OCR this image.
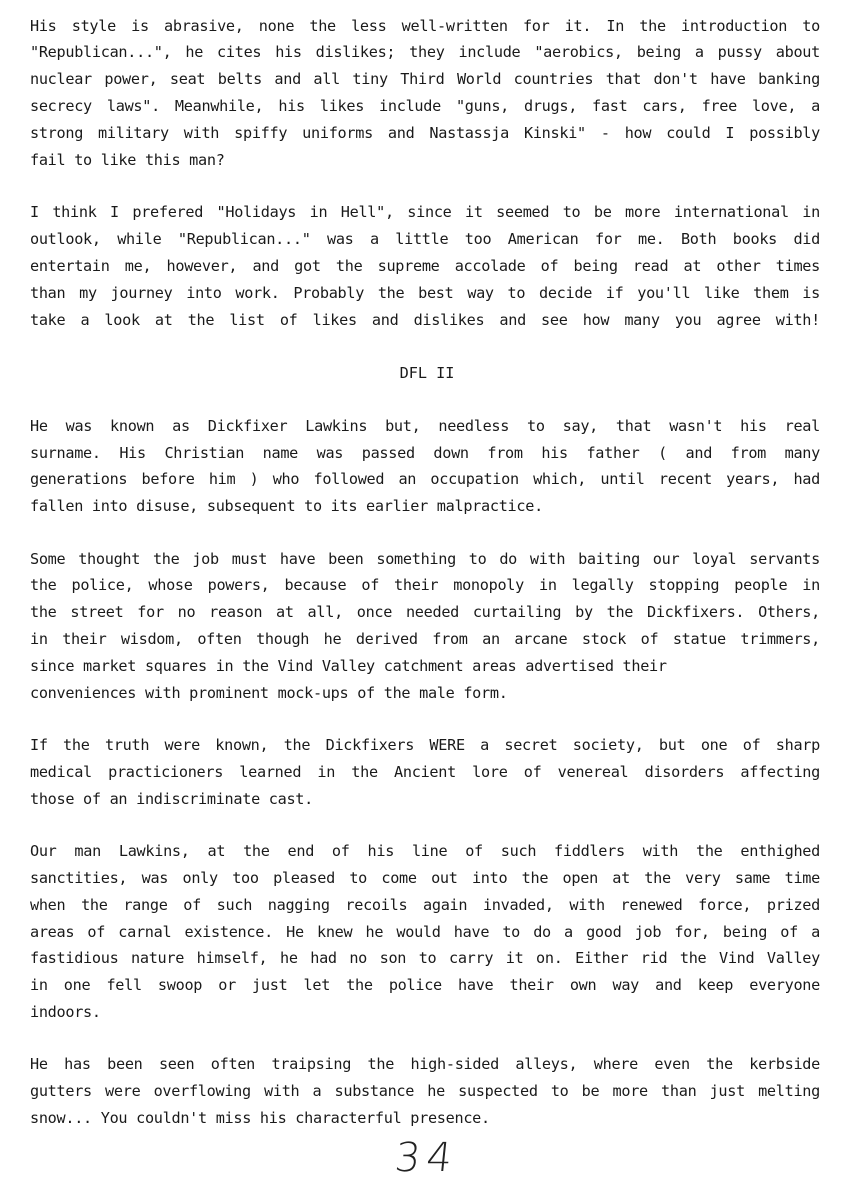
His style is abrasive, none the less well-written for it. In the introduction to
"Republican...", he cites his dislikes; they include "aerobics, being a pussy about
nuclear power, seat belts and all tiny Third World countries that don't have banking
secrecy laws". Meanwhile, his likes include "guns, drugs, fast cars, free love, a
strong military with spiffy uniforms and Nastassja Kinski" - how could I possibly
fail to like this man?
I think I prefered "Holidays in Hell", since it seemed to be more international in
outlook, while "Republican..." was a little too American for me. Both books did
entertain me, however, and got the supreme accolade of being read at other times
than my journey into work. Probably the best way to decide if you'll like them is
take a look at the list of likes and dislikes and see how many you agree with!
DFL II
He was known as Dickfixer Lawkins but, needless to say, that wasn't his real
surname. His Christian name was passed down from his father ( and from many
generations before him ) who followed an occupation which, until recent years, had
fallen into disuse, subsequent to its earlier malpractice.
Some thought the job must have been something to do with baiting our loyal servants
the police, whose powers, because of their monopoly in legally stopping people in
the street for no reason at all, once needed curtailing by the Dickfixers. Others,
in their wisdom, often though he derived from an arcane stock of statue trimmers,
since market squares in the Vind Valley catchment areas advertised their
conveniences with prominent mock-ups of the male form.
If the truth were known, the Dickfixers WERE a secret society, but one of sharp
medical practicioners learned in the Ancient lore of venereal disorders affecting
those of an indiscriminate cast.
Our man Lawkins, at the end of his line of such fiddlers with the enthighed
sanctities, was only too pleased to come out into the open at the very same time
when the range of such nagging recoils again invaded, with renewed force, prized
areas of carnal existence. He knew he would have to do a good job for, being of a
fastidious nature himself, he had no son to carry it on. Either rid the Vind Valley
in one fell swoop or just let the police have their own way and keep everyone
indoors.
He has been seen often traipsing the high-sided alleys, where even the kerbside
gutters were overflowing with a substance he suspected to be more than just melting
snow... You couldn't miss his characterful presence.
34
